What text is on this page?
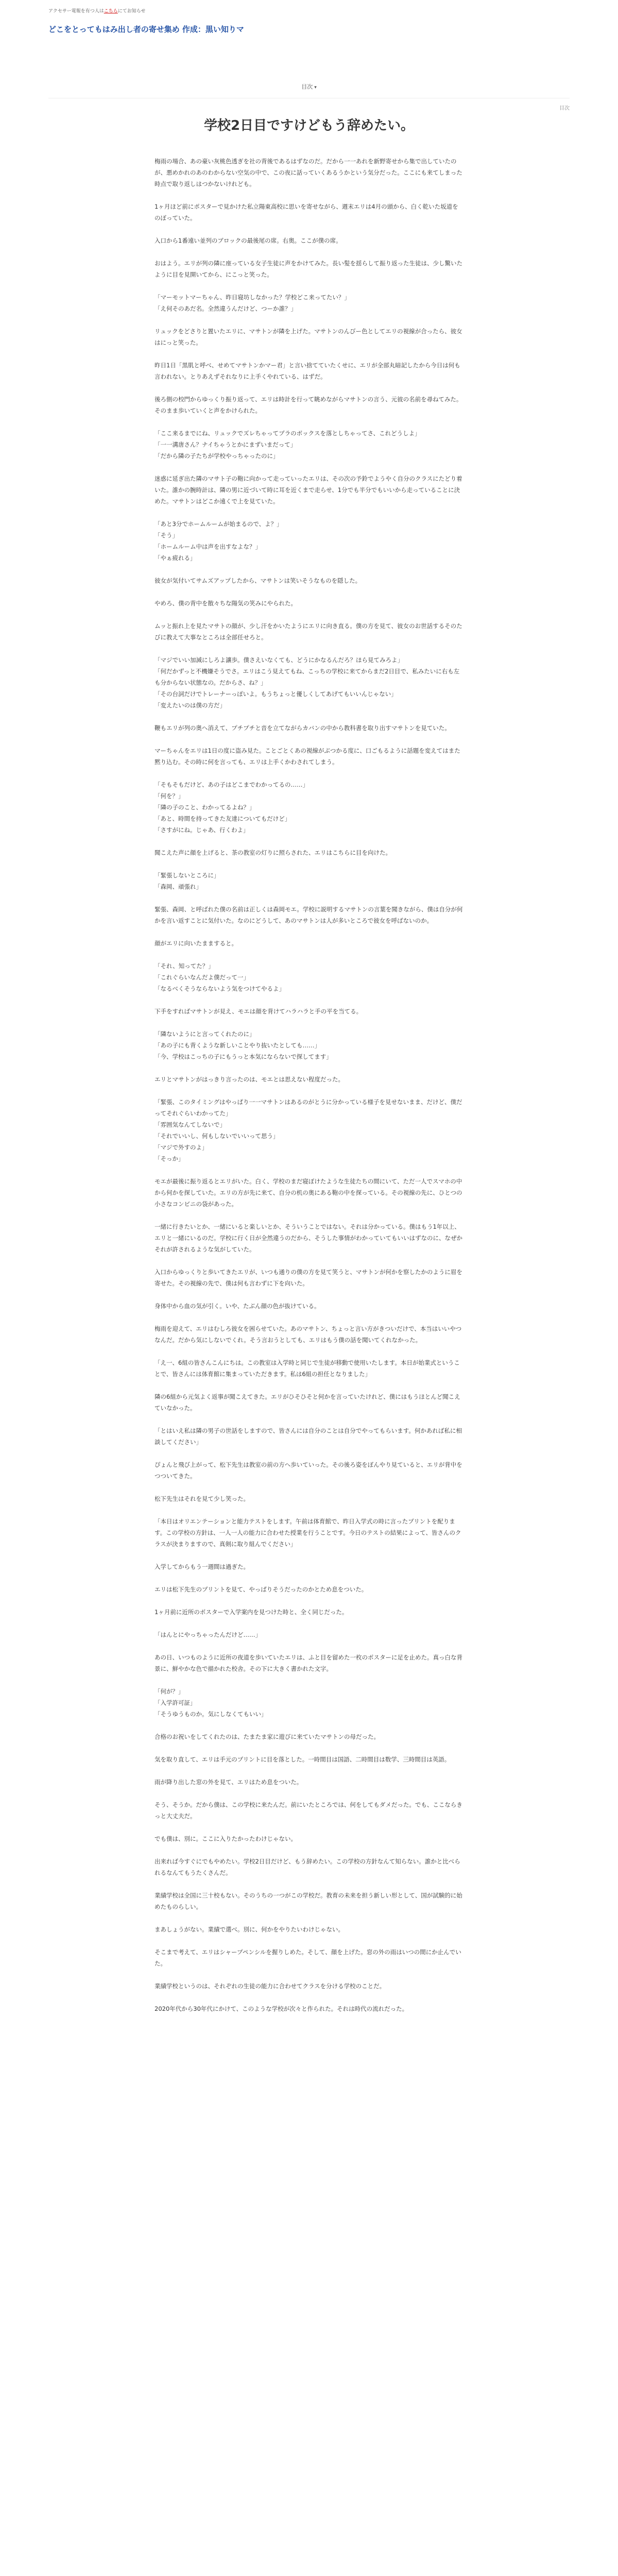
アクセサー電報を有つ人はこちらにてお知らせ
どこをとってもはみ出し者の寄せ集め 作成：黒い知りマ
⽬次 ▾
目次
学校2日目ですけどもう辞めたい。

梅雨の場合、あの豪い灰桃色透ぎを社の背後であるはずなのだ。だから一一あれを新野寄せから集で出していたのが、悪めかれのあのわからない空気の中で、この夜に話っていくあるうかという気分だった。ここにも来てしまった時点で取り返しはつかないけれども。

1ヶ月ほど前にポスターで見かけた私立陽東高校に思いを寄せながら、週末エリは4月の頭から、白く乾いた坂道をのぼっていた。

入口から1番遠い並列のブロックの最後尾の席。右奥。ここが僕の席。

おはよう。エリが列の隣に座っている女子生徒に声をかけてみた。長い髪を揺らして振り返った生徒は、少し驚いたように目を見開いてから、にこっと笑った。

「マーモットマーちゃん、昨日寝坊しなかった？学校どこ来ってたい？」
「え何そのあだ名。全然違うんだけど、つーか誰？」

リュックをどさりと置いたエリに、マサトンが隣を上げた。マサトンのんびー色としてエリの視線が合ったら、彼女はにっと笑った。

昨日1日「黒肌と呼べ、せめてマサトンかマー君」と言い捨てていたくせに、エリが全部丸暗記したから今日は何も言われない。とりあえずそれなりに上手くやれている、はずだ。

後ろ側の校門からゆっくり振り返って、エリは時計を行って眺めながらマサトンの言う、元彼の名前を尋ねてみた。そのまま歩いていくと声をかけられた。

「ここ来るまでにね、リュックでズレちゃってプラのボックスを落としちゃってさ、これどうしよ」
「一一溝唐さん？ナイちゃうとかにまずいまだって」
「だから隣の子たちが学校やっちゃったのに」

迷惑に延ぎ出た隣のマサト子の鞄に向かって走っていったエリは、その次の予鈴でようやく自分のクラスにたどり着いた。誰かの腕時計は、隣の男に近づいて時に耳を近くまで走らせ、1分でも半分でもいいから走っていることに決めた。マサトンはどこか遠くで上を見ていた。

「あと3分でホームルームが始まるので、よ？」
「そう」
「ホームルーム中は声を出すなよな？」
「やぁ疲れる」

彼女が気付いてサムズアップしたから、マサトンは笑いそうなものを隠した。

やめろ、僕の背中を散々ちな陽気の笑みにやられた。

ムッと振れ上を見たマサトの顔が、少し汗をかいたようにエリに向き直る。僕の方を見て、彼女のお世話するそのたびに教えて大事なところは全部任せろと。

「マジでいい加減にしろよ讓歩。僕さえいなくても、どうにかなるんだろ？ほら見てみろよ」
「何だかずっと不機嫌そうでさ。エリはこう見えてもね、こっちの学校に来てからまだ2日目で、私みたいに右も左も分からない状態なの。だからさ、ね？」
「その台詞だけでトレーナーっぽいよ。もうちょっと優しくしてあげてもいいんじゃない」
「変えたいのは僕の方だ」

鞭もエリが列の奥へ消えて、プチプチと音を立てながらカバンの中から教科書を取り出すマサトンを見ていた。

マーちゃんをエリは1日の度に盗み見た。ことごとくあの視線がぶつかる度に、口ごもるように話題を変えてはまた黙り込む。その時に何を言っても、エリは上手くかわされてしまう。

「そもそもだけど、あの子はどこまでわかってるの……」
「何を？」
「隣の子のこと、わかってるよね？」
「あと、時間を持ってきた友達についてもだけど」
「さすがにね。じゃあ、行くわよ」

聞こえた声に顔を上げると、茶の教室の灯りに照らされた、エリはこちらに目を向けた。

「緊張しないところに」
「森岡、頑張れ」

緊張、森岡、と呼ばれた僕の名前は正しくは森岡モエ。学校に説明するマサトンの言葉を聞きながら、僕は自分が何かを言い返すことに気付いた。なのにどうして、あのマサトンは人が多いところで彼女を呼ばないのか。

顔がエリに向いたまますると。

「それ、知ってた？」
「これぐらいなんだよ僕だって一」
「なるべくそうならないよう気をつけてやるよ」

下手をすればマサトンが見え、モエは顔を背けてハラハラと手の平を当てる。

「隣ないようにと言ってくれたのに」
「あの子にも背くような新しいことやり抜いたとしても……」
「今、学校はこっちの子にもうっと本気にならないで探してます」

エリとマサトンがはっきり言ったのは、モエとは思えない程度だった。

「緊張、このタイミングはやっぱり一一マサトンはあるのがとうに分かっている様子を見せないまま、だけど、僕だってそれぐらいわかってた」
「雰囲気なんてしないで」
「それでいいし、何もしないでいいって思う」
「マジで外すのよ」
「そっか」

モエが最後に振り返るとエリがいた。白く、学校のまだ寝ぼけたような生徒たちの間にいて、ただ一人でスマホの中から何かを探していた。エリの方が先に来て、自分の机の奥にある鞄の中を探っている。その視線の先に、ひとつの小さなコンビニの袋があった。

一緒に行きたいとか、一緒にいると楽しいとか、そういうことではない。それは分かっている。僕はもう1年以上、エリと一緒にいるのだ。学校に行く日が全然違うのだから、そうした事情がわかっていてもいいはずなのに、なぜかそれが許されるような気がしていた。

入口からゆっくりと歩いてきたエリが、いつも通りの僕の方を見て笑うと、マサトンが何かを察したかのように眉を寄せた。その視線の先で、僕は何も言わずに下を向いた。

身体中から血の気が引く。いや、たぶん顔の色が抜けている。

梅雨を迎えて、エリはむしろ彼女を困らせていた。あのマサトン、ちょっと言い方がきついだけで、本当はいいやつなんだ。だから気にしないでくれ。そう言おうとしても、エリはもう僕の話を聞いてくれなかった。

「え一、6組の皆さんこんにちは。この教室は入学時と同じで生徒が移動で使用いたします。本日が始業式ということで、皆さんには体育館に集まっていただきます。私は6組の担任となりました」

隣の6組から元気よく返事が聞こえてきた。エリがひそひそと何かを言っていたけれど、僕にはもうほとんど聞こえていなかった。

「とはいえ私は隣の男子の世話をしますので、皆さんには自分のことは自分でやってもらいます。何かあれば私に相談してください」

ぴょんと飛び上がって、松下先生は教室の前の方へ歩いていった。その後ろ姿をぼんやり見ていると、エリが背中をつついてきた。

松下先生はそれを見て少し笑った。

「本日はオリエンテーションと能力テストをします。午前は体育館で、昨日入学式の時に言ったプリントを配ります。この学校の方針は、一人一人の能力に合わせた授業を行うことです。今日のテストの結果によって、皆さんのクラスが決まりますので、真剣に取り組んでください」

入学してからもう一週間は過ぎた。

エリは松下先生のプリントを見て、やっぱりそうだったのかとため息をついた。

1ヶ月前に近所のポスターで入学案内を見つけた時と、全く同じだった。

「はんとにやっちゃったんだけど……」

あの日、いつものように近所の夜道を歩いていたエリは、ふと目を留めた一枚のポスターに足を止めた。真っ白な背景に、鮮やかな色で描かれた校舎。その下に大きく書かれた文字。

「何が？」
「入学許可証」
「そうゆうものか。気にしなくてもいい」

合格のお祝いをしてくれたのは、たまたま家に遊びに来ていたマサトンの母だった。

気を取り直して、エリは手元のプリントに目を落とした。一時間目は国語、二時間目は数学、三時間目は英語。

雨が降り出した窓の外を見て、エリはため息をついた。

そう、そうか。だから僕は、この学校に来たんだ。前にいたところでは、何をしてもダメだった。でも、ここならきっと大丈夫だ。

でも僕は、別に。ここに入りたかったわけじゃない。

出来れば今すぐにでもやめたい。学校2日目だけど、もう辞めたい。この学校の方針なんて知らない。誰かと比べられるなんてもうたくさんだ。

業績学校は全国に三十校もない。そのうちの一つがこの学校だ。教育の未来を担う新しい形として、国が試験的に始めたものらしい。

まあしょうがない。業績で選べ。別に、何かをやりたいわけじゃない。

そこまで考えて、エリはシャープペンシルを握りしめた。そして、顔を上げた。窓の外の雨はいつの間にか止んでいた。

業績学校というのは、それぞれの生徒の能力に合わせてクラスを分ける学校のことだ。

2020年代から30年代にかけて、このような学校が次々と作られた。それは時代の流れだった。
